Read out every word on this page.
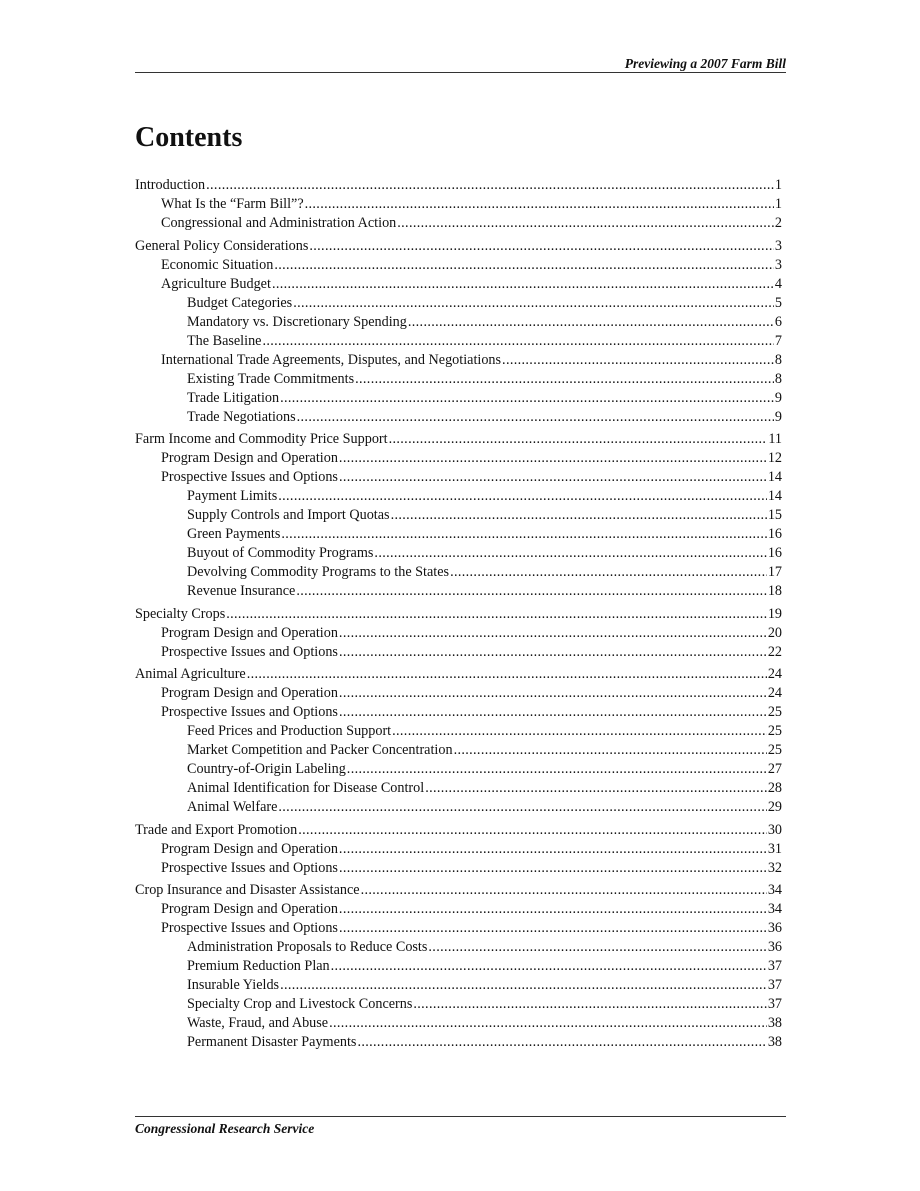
Previewing a 2007 Farm Bill
Contents
Introduction . . .	1
What Is the “Farm Bill”? . . .	1
Congressional and Administration Action . . .	2
General Policy Considerations . . .	3
Economic Situation . . .	3
Agriculture Budget . . .	4
Budget Categories . . .	5
Mandatory vs. Discretionary Spending . . .	6
The Baseline . . .	7
International Trade Agreements, Disputes, and Negotiations . . .	8
Existing Trade Commitments . . .	8
Trade Litigation . . .	9
Trade Negotiations . . .	9
Farm Income and Commodity Price Support . . .	11
Program Design and Operation . . .	12
Prospective Issues and Options . . .	14
Payment Limits . . .	14
Supply Controls and Import Quotas . . .	15
Green Payments . . .	16
Buyout of Commodity Programs . . .	16
Devolving Commodity Programs to the States . . .	17
Revenue Insurance . . .	18
Specialty Crops . . .	19
Program Design and Operation . . .	20
Prospective Issues and Options . . .	22
Animal Agriculture . . .	24
Program Design and Operation . . .	24
Prospective Issues and Options . . .	25
Feed Prices and Production Support . . .	25
Market Competition and Packer Concentration . . .	25
Country-of-Origin Labeling . . .	27
Animal Identification for Disease Control . . .	28
Animal Welfare . . .	29
Trade and Export Promotion . . .	30
Program Design and Operation . . .	31
Prospective Issues and Options . . .	32
Crop Insurance and Disaster Assistance . . .	34
Program Design and Operation . . .	34
Prospective Issues and Options . . .	36
Administration Proposals to Reduce Costs . . .	36
Premium Reduction Plan . . .	37
Insurable Yields . . .	37
Specialty Crop and Livestock Concerns . . .	37
Waste, Fraud, and Abuse . . .	38
Permanent Disaster Payments . . .	38
Congressional Research Service
